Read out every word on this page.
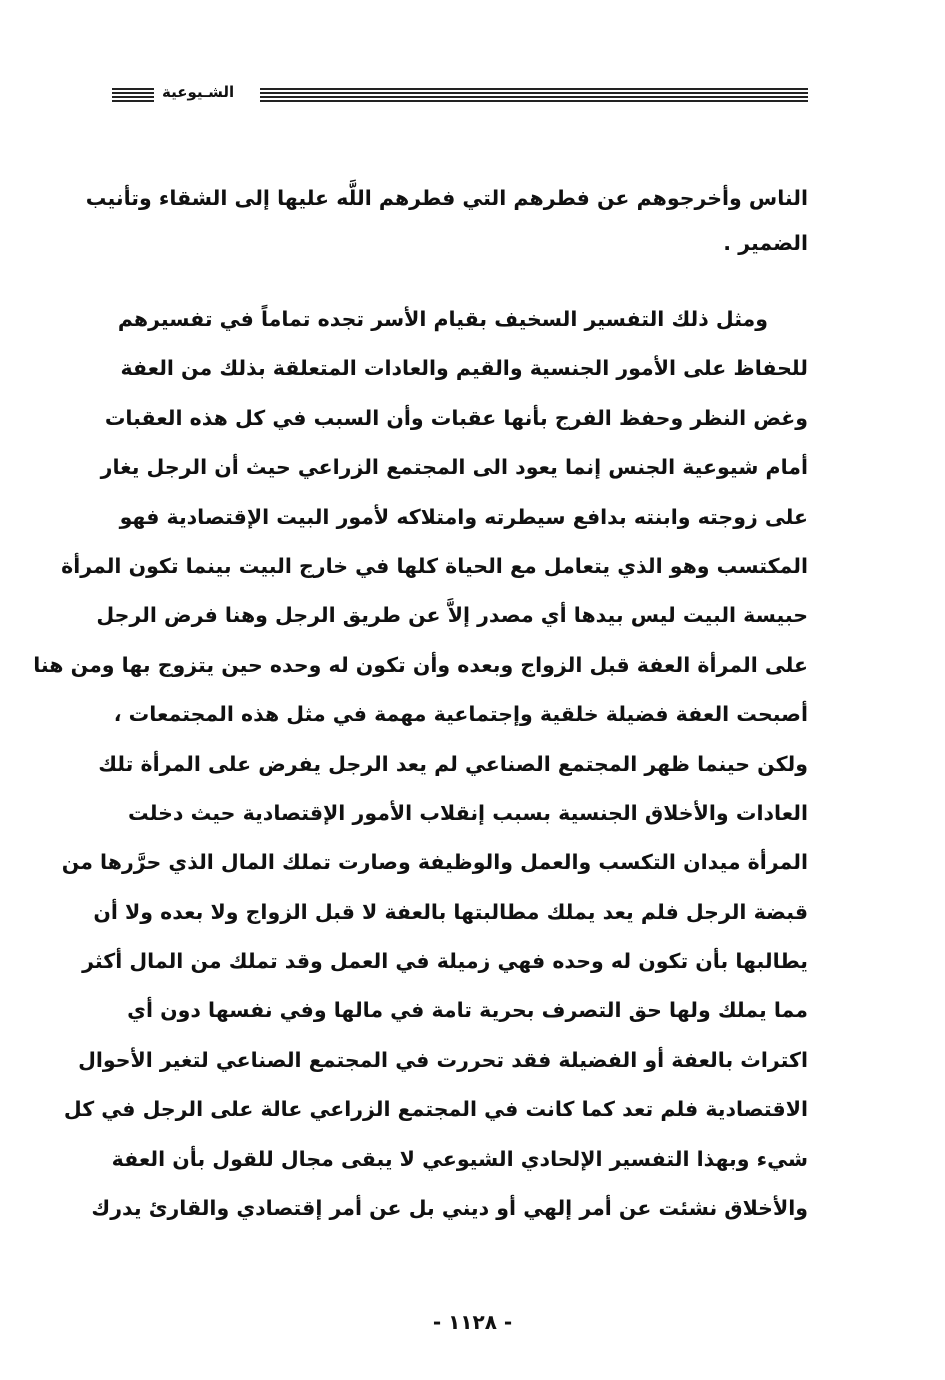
الشـيوعية
الناس وأخرجوهم عن فطرهم التي فطرهم اللَّه عليها إلى الشقاء وتأنيب
الضمير .
ومثل ذلك التفسير السخيف بقيام الأسر تجده تماماً في تفسيرهم
للحفاظ على الأمور الجنسية والقيم والعادات المتعلقة بذلك من العفة
وغض النظر وحفظ الفرج بأنها عقبات وأن السبب في كل هذه العقبات
أمام شيوعية الجنس إنما يعود الى المجتمع الزراعي حيث أن الرجل يغار
على زوجته وابنته بدافع سيطرته وامتلاكه لأمور البيت الإقتصادية فهو
المكتسب وهو الذي يتعامل مع الحياة كلها في خارج البيت بينما تكون المرأة
حبيسة البيت ليس بيدها أي مصدر إلاَّ عن طريق الرجل وهنا فرض الرجل
على المرأة العفة قبل الزواج وبعده وأن تكون له وحده حين يتزوج بها ومن هنا
أصبحت العفة فضيلة خلقية وإجتماعية مهمة في مثل هذه المجتمعات ،
ولكن حينما ظهر المجتمع الصناعي لم يعد الرجل يفرض على المرأة تلك
العادات والأخلاق الجنسية بسبب إنقلاب الأمور الإقتصادية حيث دخلت
المرأة ميدان التكسب والعمل والوظيفة وصارت تملك المال الذي حرَّرها من
قبضة الرجل فلم يعد يملك مطالبتها بالعفة لا قبل الزواج ولا بعده ولا أن
يطالبها بأن تكون له وحده فهي زميلة في العمل وقد تملك من المال أكثر
مما يملك ولها حق التصرف بحرية تامة في مالها وفي نفسها دون أي
اكتراث بالعفة أو الفضيلة فقد تحررت في المجتمع الصناعي لتغير الأحوال
الاقتصادية فلم تعد كما كانت في المجتمع الزراعي عالة على الرجل في كل
شيء وبهذا التفسير الإلحادي الشيوعي لا يبقى مجال للقول بأن العفة
والأخلاق نشئت عن أمر إلهي أو ديني بل عن أمر إقتصادي والقارئ يدرك
- ١١٢٨ -
